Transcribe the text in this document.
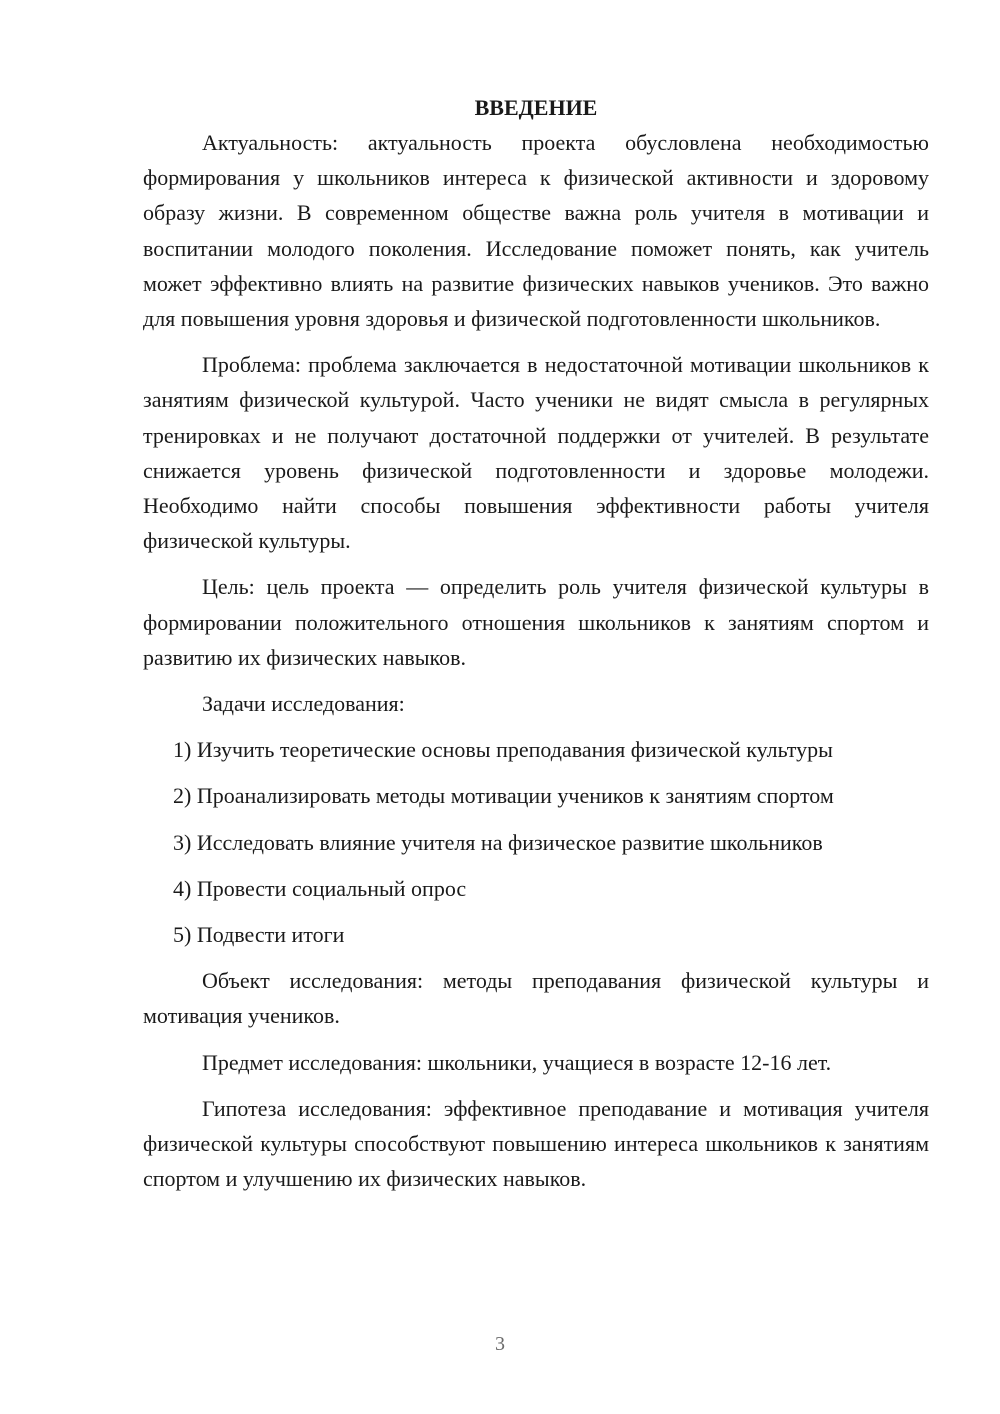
ВВЕДЕНИЕ

Актуальность: актуальность проекта обусловлена необходимостью формирования у школьников интереса к физической активности и здоровому образу жизни. В современном обществе важна роль учителя в мотивации и воспитании молодого поколения. Исследование поможет понять, как учитель может эффективно влиять на развитие физических навыков учеников. Это важно для повышения уровня здоровья и физической подготовленности школьников.

Проблема: проблема заключается в недостаточной мотивации школьников к занятиям физической культурой. Часто ученики не видят смысла в регулярных тренировках и не получают достаточной поддержки от учителей. В результате снижается уровень физической подготовленности и здоровье молодежи. Необходимо найти способы повышения эффективности работы учителя физической культуры.

Цель: цель проекта — определить роль учителя физической культуры в формировании положительного отношения школьников к занятиям спортом и развитию их физических навыков.

Задачи исследования:

1) Изучить теоретические основы преподавания физической культуры

2) Проанализировать методы мотивации учеников к занятиям спортом

3) Исследовать влияние учителя на физическое развитие школьников

4) Провести социальный опрос

5) Подвести итоги

Объект исследования: методы преподавания физической культуры и мотивация учеников.

Предмет исследования: школьники, учащиеся в возрасте 12-16 лет.

Гипотеза исследования: эффективное преподавание и мотивация учителя физической культуры способствуют повышению интереса школьников к занятиям спортом и улучшению их физических навыков.

3
